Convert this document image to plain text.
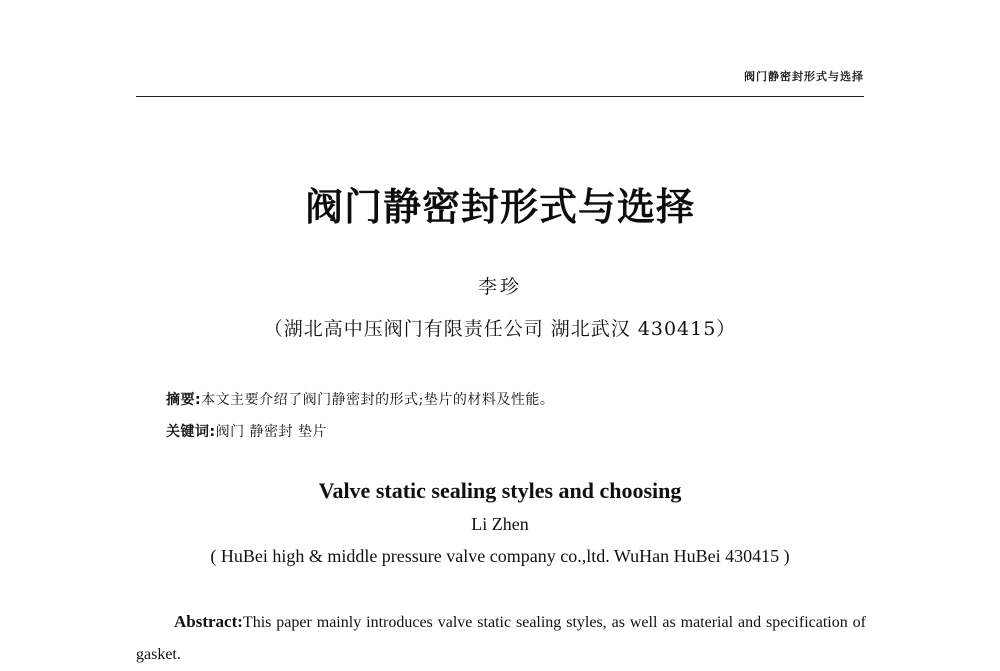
阀门静密封形式与选择
阀门静密封形式与选择
李珍
（湖北高中压阀门有限责任公司 湖北武汉 430415）
摘要:本文主要介绍了阀门静密封的形式;垫片的材料及性能。
关键词:阀门 静密封 垫片
Valve static sealing styles and choosing
Li Zhen
( HuBei high & middle pressure valve company co.,ltd. WuHan HuBei 430415 )
Abstract:This paper mainly introduces valve static sealing styles, as well as material and specification of gasket.
